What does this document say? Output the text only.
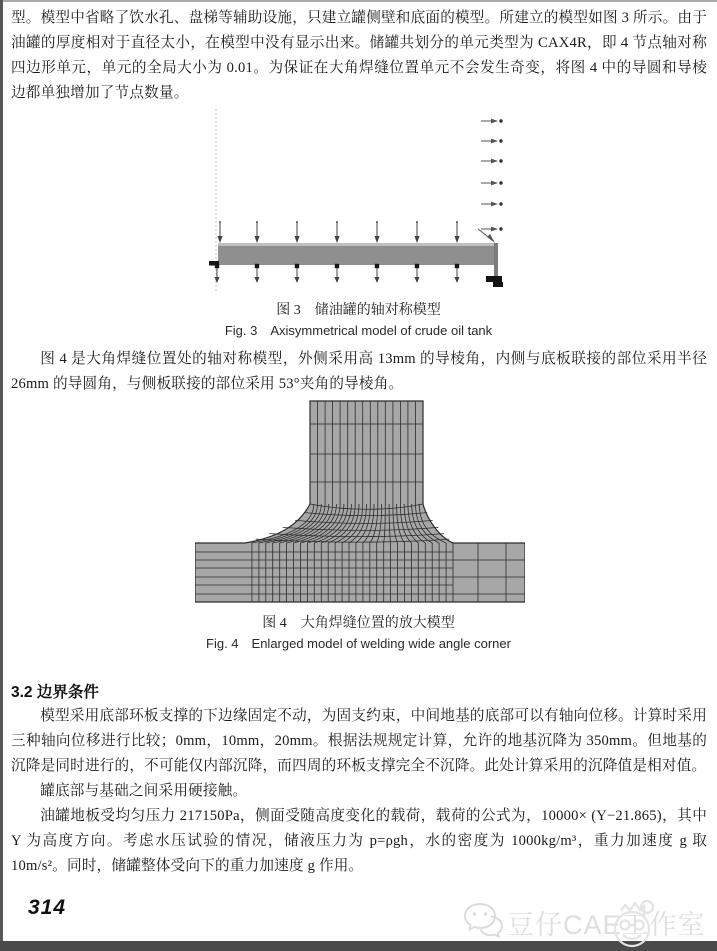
型。模型中省略了饮水孔、盘梯等辅助设施，只建立罐侧壁和底面的模型。所建立的模型如图 3 所示。由于油罐的厚度相对于直径太小，在模型中没有显示出来。储罐共划分的单元类型为 CAX4R，即 4 节点轴对称四边形单元，单元的全局大小为 0.01。为保证在大角焊缝位置单元不会发生奇变，将图 4 中的导圆和导棱边都单独增加了节点数量。
图 3　储油罐的轴对称模型
Fig. 3　Axisymmetrical model of crude oil tank
图 4 是大角焊缝位置处的轴对称模型，外侧采用高 13mm 的导棱角，内侧与底板联接的部位采用半径 26mm 的导圆角，与侧板联接的部位采用 53°夹角的导棱角。
图 4　大角焊缝位置的放大模型
Fig. 4　Enlarged model of welding wide angle corner
3.2 边界条件
模型采用底部环板支撑的下边缘固定不动，为固支约束，中间地基的底部可以有轴向位移。计算时采用三种轴向位移进行比较；0mm，10mm，20mm。根据法规规定计算，允许的地基沉降为 350mm。但地基的沉降是同时进行的，不可能仅内部沉降，而四周的环板支撑完全不沉降。此处计算采用的沉降值是相对值。
罐底部与基础之间采用硬接触。
油罐地板受均匀压力 217150Pa，侧面受随高度变化的载荷，载荷的公式为，10000× (Y−21.865)，其中 Y 为高度方向。考虑水压试验的情况，储液压力为 p=ρgh，水的密度为 1000kg/m³，重力加速度 g 取 10m/s²。同时，储罐整体受向下的重力加速度 g 作用。
314
豆仔CAE工作室
